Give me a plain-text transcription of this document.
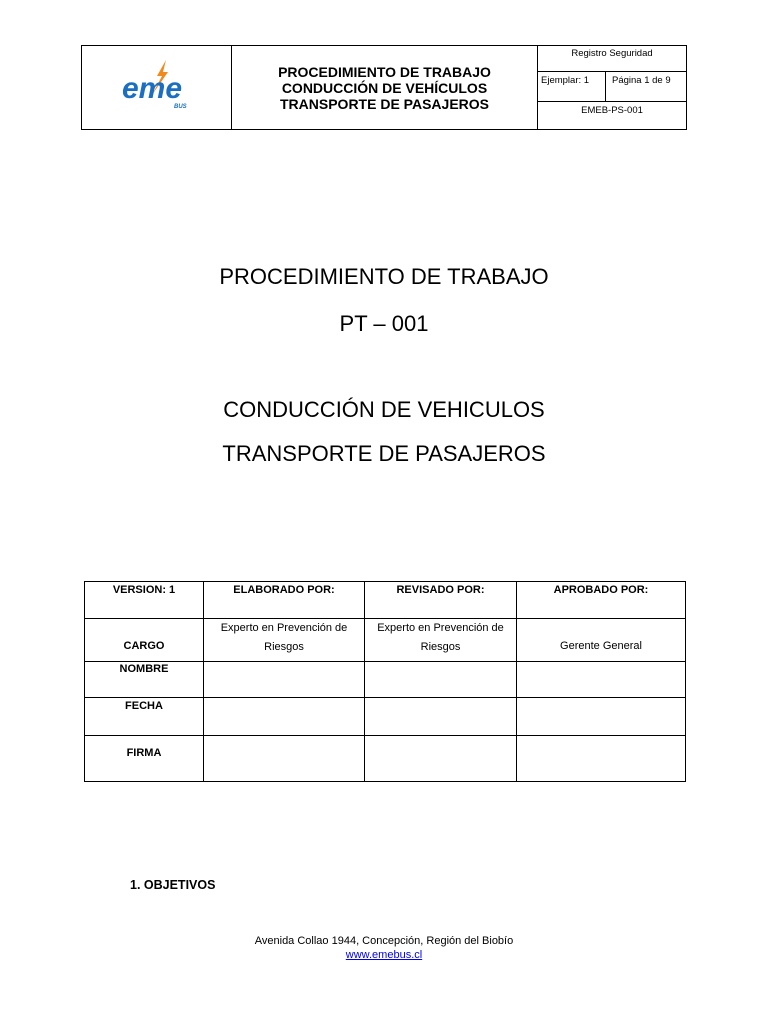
eme
BUS
PROCEDIMIENTO DE TRABAJO
CONDUCCIÓN DE VEHÍCULOS
TRANSPORTE DE PASAJEROS
Registro Seguridad
Ejemplar: 1	Página 1 de 9
EMEB-PS-001
PROCEDIMIENTO DE TRABAJO
PT – 001
CONDUCCIÓN DE VEHICULOS
TRANSPORTE DE PASAJEROS
VERSION: 1	ELABORADO POR:	REVISADO POR:	APROBADO POR:
CARGO	Experto en Prevención de Riesgos	Experto en Prevención de Riesgos	Gerente General
NOMBRE			
FECHA			
FIRMA			
1. OBJETIVOS
Avenida Collao 1944, Concepción, Región del Biobío
www.emebus.cl
